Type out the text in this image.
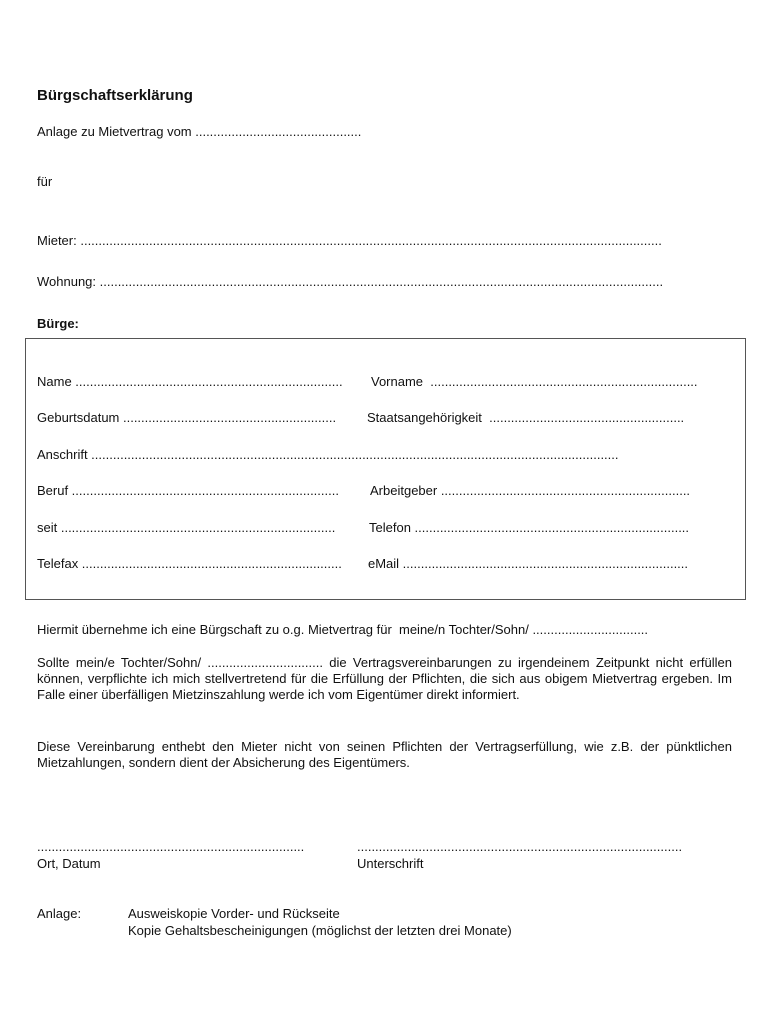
Bürgschaftserklärung
Anlage zu Mietvertrag vom ..............................................
für
Mieter: .................................................................................................................................................................
Wohnung: ............................................................................................................................................................
Bürge:
Name .......................................................................... Vorname  ..........................................................................
Geburtsdatum ........................................................... Staatsangehörigkeit  ......................................................
Anschrift ..................................................................................................................................................
Beruf .......................................................................... Arbeitgeber .....................................................................
seit ............................................................................	Telefon ............................................................................
Telefax ........................................................................ eMail ...............................................................................
Hiermit übernehme ich eine Bürgschaft zu o.g. Mietvertrag für  meine/n Tochter/Sohn/ ................................
Sollte mein/e Tochter/Sohn/ ................................ die Vertragsvereinbarungen zu irgendeinem Zeitpunkt nicht erfüllen können, verpflichte ich mich stellvertretend für die Erfüllung der Pflichten, die sich aus obigem Mietvertrag ergeben. Im Falle einer überfälligen Mietzinszahlung werde ich vom Eigentümer direkt informiert.
Diese Vereinbarung enthebt den Mieter nicht von seinen Pflichten der Vertragserfüllung, wie z.B. der pünktlichen Mietzahlungen, sondern dient der Absicherung des Eigentümers.
..........................................................................
Ort, Datum
..........................................................................................
Unterschrift
Anlage:	Ausweiskopie Vorder- und Rückseite
Kopie Gehaltsbescheinigungen (möglichst der letzten drei Monate)
